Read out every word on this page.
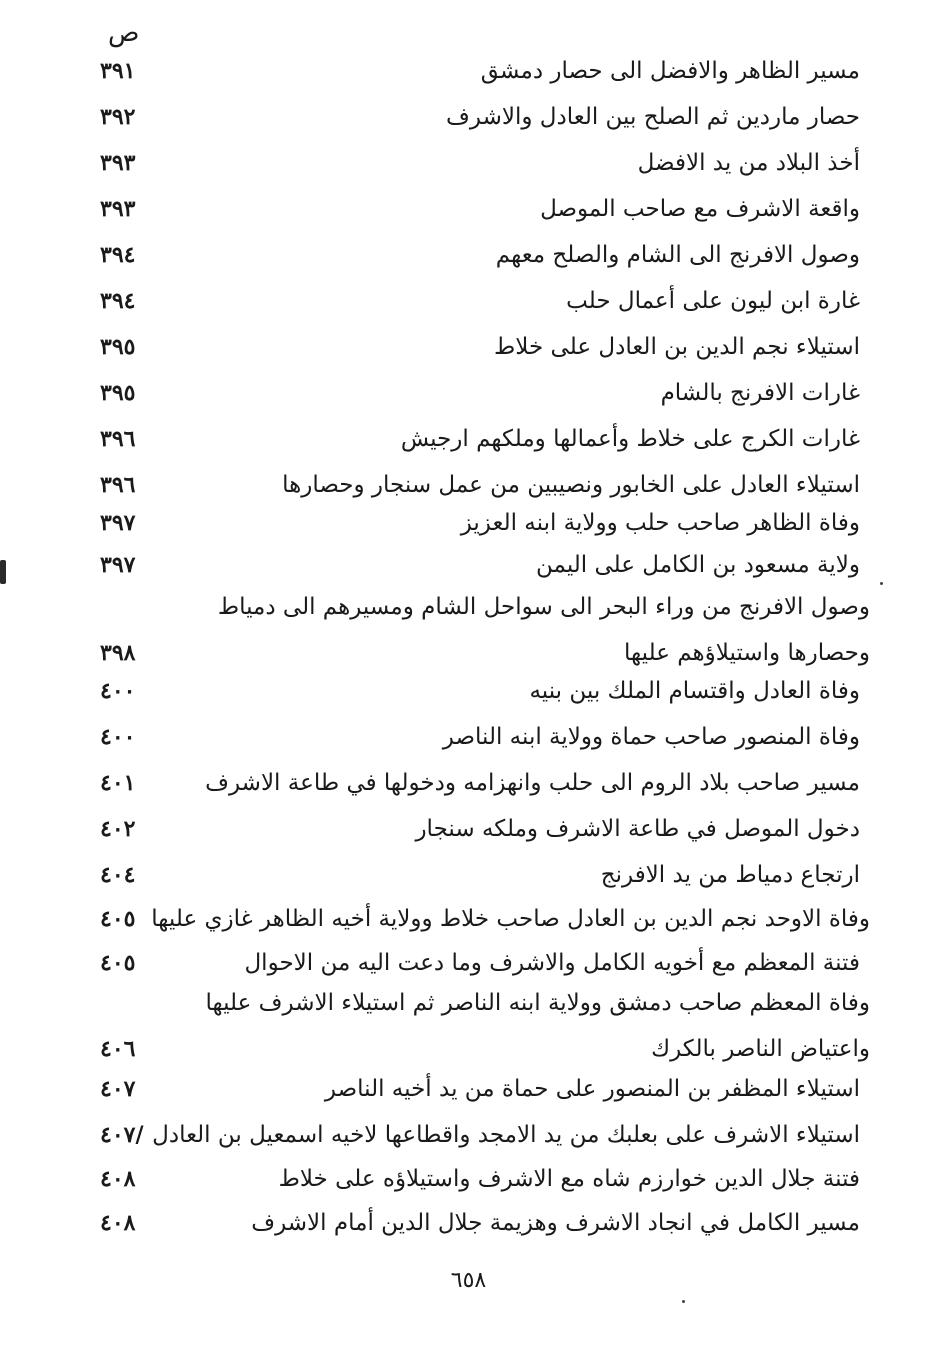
ص
مسير الظاهر والافضل الى حصار دمشق
٣٩١
حصار ماردين ثم الصلح بين العادل والاشرف
٣٩٢
أخذ البلاد من يد الافضل
٣٩٣
واقعة الاشرف مع صاحب الموصل
٣٩٣
وصول الافرنج الى الشام والصلح معهم
٣٩٤
غارة ابن ليون على أعمال حلب
٣٩٤
استيلاء نجم الدين بن العادل على خلاط
٣٩٥
غارات الافرنج بالشام
٣٩٥
غارات الكرج على خلاط وأعمالها وملكهم ارجيش
٣٩٦
استيلاء العادل على الخابور ونصيبين من عمل سنجار وحصارها
٣٩٦
وفاة الظاهر صاحب حلب وولاية ابنه العزيز
٣٩٧
ولاية مسعود بن الكامل على اليمن
٣٩٧
وصول الافرنج من وراء البحر الى سواحل الشام ومسيرهم الى دمياط وحصارها واستيلاؤهم عليها
٣٩٨
وفاة العادل واقتسام الملك بين بنيه
٤٠٠
وفاة المنصور صاحب حماة وولاية ابنه الناصر
٤٠٠
مسير صاحب بلاد الروم الى حلب وانهزامه ودخولها في طاعة الاشرف
٤٠١
دخول الموصل في طاعة الاشرف وملكه سنجار
٤٠٢
ارتجاع دمياط من يد الافرنج
٤٠٤
وفاة الاوحد نجم الدين بن العادل صاحب خلاط وولاية أخيه الظاهر غازي عليها
٤٠٥
فتنة المعظم مع أخويه الكامل والاشرف وما دعت اليه من الاحوال
٤٠٥
وفاة المعظم صاحب دمشق وولاية ابنه الناصر ثم استيلاء الاشرف عليها واعتياض الناصر بالكرك
٤٠٦
استيلاء المظفر بن المنصور على حماة من يد أخيه الناصر
٤٠٧
استيلاء الاشرف على بعلبك من يد الامجد واقطاعها لاخيه اسمعيل بن العادل
٤٠٧/
فتنة جلال الدين خوارزم شاه مع الاشرف واستيلاؤه على خلاط
٤٠٨
مسير الكامل في انجاد الاشرف وهزيمة جلال الدين أمام الاشرف
٤٠٨
٦٥٨
